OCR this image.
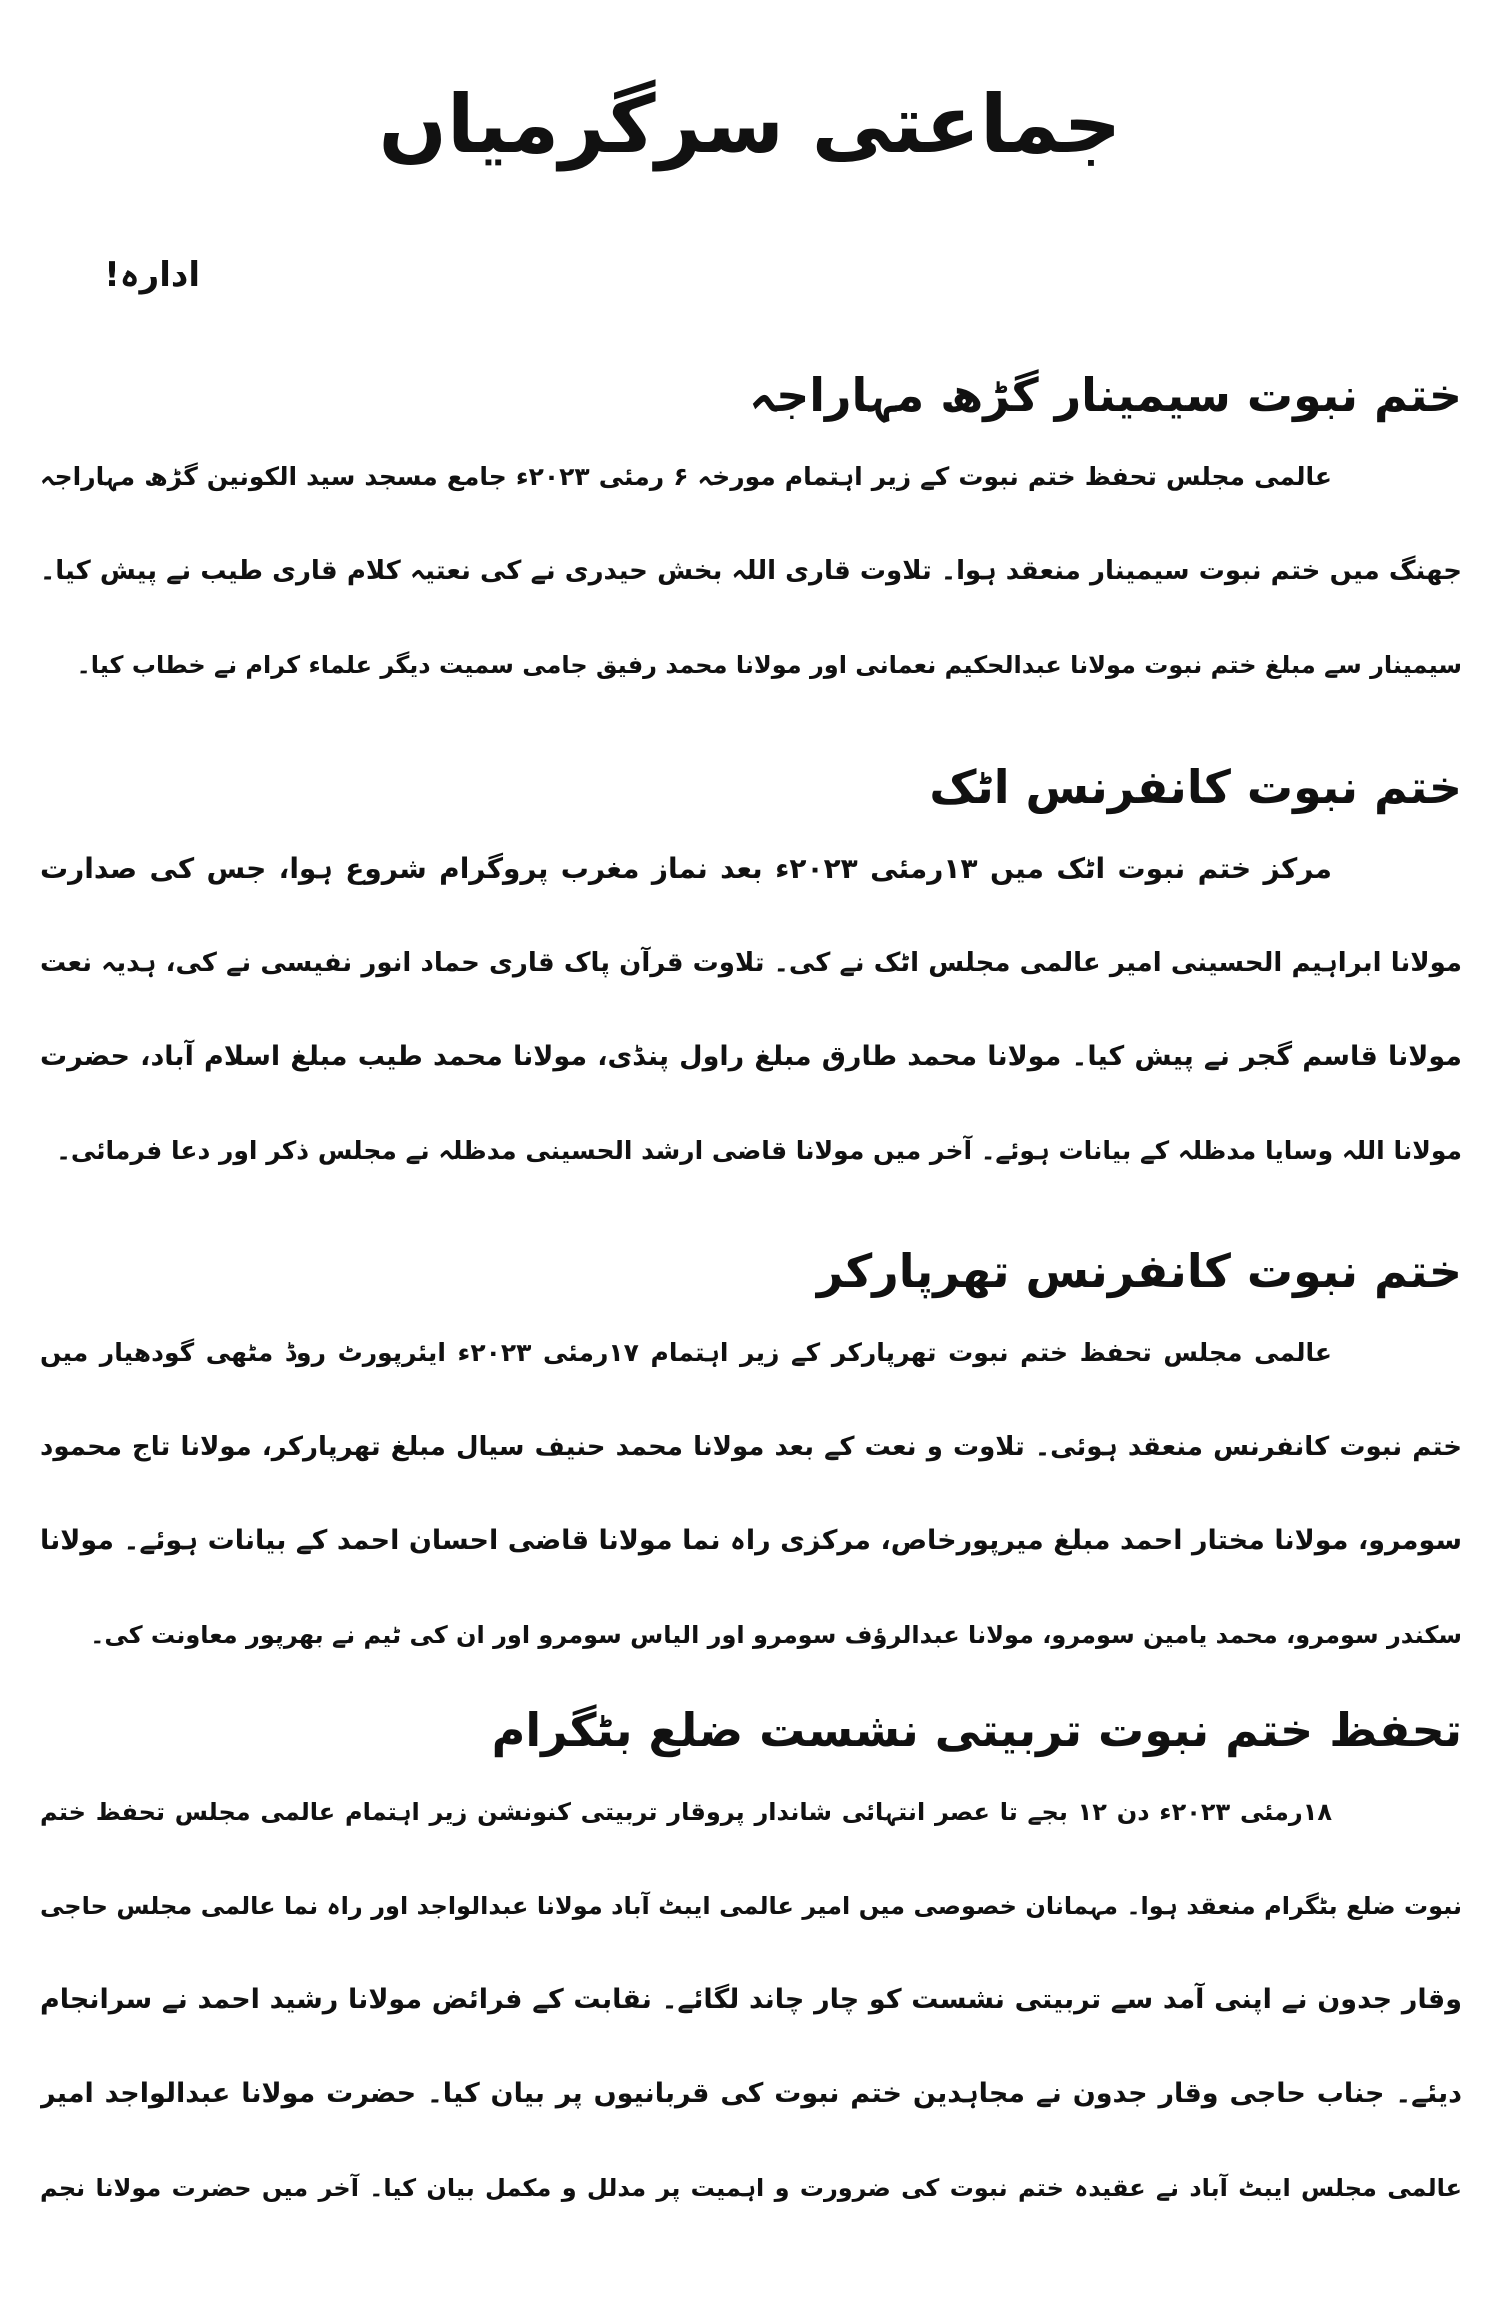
جماعتی سرگرمیاں
ادارہ!
ختم نبوت سیمینار گڑھ مہاراجہ
عالمی مجلس تحفظ ختم نبوت کے زیر اہتمام مورخہ ۶ رمئی ۲۰۲۳ء جامع مسجد سید الکونین گڑھ مہاراجہ
جھنگ میں ختم نبوت سیمینار منعقد ہوا۔ تلاوت قاری اللہ بخش حیدری نے کی نعتیہ کلام قاری طیب نے پیش کیا۔
سیمینار سے مبلغ ختم نبوت مولانا عبدالحکیم نعمانی اور مولانا محمد رفیق جامی سمیت دیگر علماء کرام نے خطاب کیا۔
ختم نبوت کانفرنس اٹک
مرکز ختم نبوت اٹک میں ۱۳رمئی ۲۰۲۳ء بعد نماز مغرب پروگرام شروع ہوا، جس کی صدارت
مولانا ابراہیم الحسینی امیر عالمی مجلس اٹک نے کی۔ تلاوت قرآن پاک قاری حماد انور نفیسی نے کی، ہدیہ نعت
مولانا قاسم گجر نے پیش کیا۔ مولانا محمد طارق مبلغ راول پنڈی، مولانا محمد طیب مبلغ اسلام آباد، حضرت
مولانا اللہ وسایا مدظلہ کے بیانات ہوئے۔ آخر میں مولانا قاضی ارشد الحسینی مدظلہ نے مجلس ذکر اور دعا فرمائی۔
ختم نبوت کانفرنس تھرپارکر
عالمی مجلس تحفظ ختم نبوت تھرپارکر کے زیر اہتمام ۱۷رمئی ۲۰۲۳ء ایئرپورٹ روڈ مٹھی گودھیار میں
ختم نبوت کانفرنس منعقد ہوئی۔ تلاوت و نعت کے بعد مولانا محمد حنیف سیال مبلغ تھرپارکر، مولانا تاج محمود
سومرو، مولانا مختار احمد مبلغ میرپورخاص، مرکزی راہ نما مولانا قاضی احسان احمد کے بیانات ہوئے۔ مولانا
سکندر سومرو، محمد یامین سومرو، مولانا عبدالرؤف سومرو اور الیاس سومرو اور ان کی ٹیم نے بھرپور معاونت کی۔
تحفظ ختم نبوت تربیتی نشست ضلع بٹگرام
۱۸رمئی ۲۰۲۳ء دن ۱۲ بجے تا عصر انتہائی شاندار پروقار تربیتی کنونشن زیر اہتمام عالمی مجلس تحفظ ختم
نبوت ضلع بٹگرام منعقد ہوا۔ مہمانان خصوصی میں امیر عالمی ایبٹ آباد مولانا عبدالواجد اور راہ نما عالمی مجلس حاجی
وقار جدون نے اپنی آمد سے تربیتی نشست کو چار چاند لگائے۔ نقابت کے فرائض مولانا رشید احمد نے سرانجام
دیئے۔ جناب حاجی وقار جدون نے مجاہدین ختم نبوت کی قربانیوں پر بیان کیا۔ حضرت مولانا عبدالواجد امیر
عالمی مجلس ایبٹ آباد نے عقیدہ ختم نبوت کی ضرورت و اہمیت پر مدلل و مکمل بیان کیا۔ آخر میں حضرت مولانا نجم
